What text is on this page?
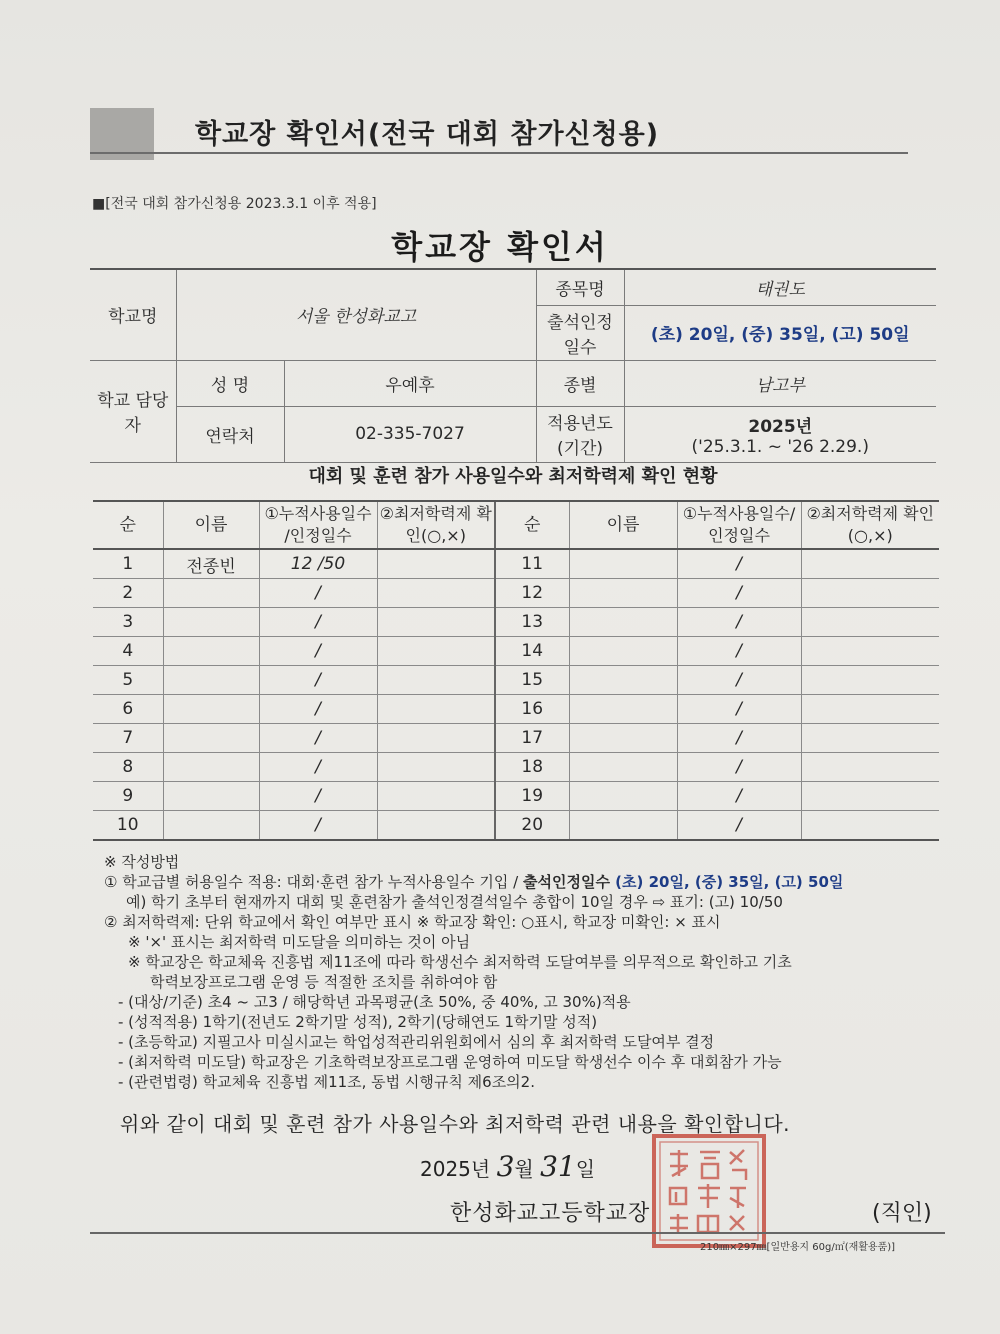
학교장 확인서(전국 대회 참가신청용)
■[전국 대회 참가신청용 2023.3.1 이후 적용]
학교장 확인서
학교명	서울 한성화교고		종목명	태권도
			출석인정 일수	(초) 20일, (중) 35일, (고) 50일
학교 담당자	성 명	우예후	종별	남고부
	연락처	02-335-7027	적용년도 (기간)	2025년
('25.3.1. ~ '26 2.29.)
대회 및 훈련 참가 사용일수와 최저학력제 확인 현황
순	이름	①누적사용일수 /인정일수	②최저학력제 확인(○,×)	순	이름	①누적사용일수/ 인정일수	②최저학력제 확인(○,×)
1	전종빈	12 /50		11		/	
2		/		12		/	
3		/		13		/	
4		/		14		/	
5		/		15		/	
6		/		16		/	
7		/		17		/	
8		/		18		/	
9		/		19		/	
10		/		20		/	
※ 작성방법
① 학교급별 허용일수 적용: 대회·훈련 참가 누적사용일수 기입 / 출석인정일수 (초) 20일, (중) 35일, (고) 50일
예) 학기 초부터 현재까지 대회 및 훈련참가 출석인정결석일수 총합이 10일 경우 ⇨ 표기: (고) 10/50
② 최저학력제: 단위 학교에서 확인 여부만 표시 ※ 학교장 확인: ○표시, 학교장 미확인: × 표시
※ '×' 표시는 최저학력 미도달을 의미하는 것이 아님
※ 학교장은 학교체육 진흥법 제11조에 따라 학생선수 최저학력 도달여부를 의무적으로 확인하고 기초
학력보장프로그램 운영 등 적절한 조치를 취하여야 함
- (대상/기준) 초4 ~ 고3 / 해당학년 과목평균(초 50%, 중 40%, 고 30%)적용
- (성적적용) 1학기(전년도 2학기말 성적), 2학기(당해연도 1학기말 성적)
- (초등학교) 지필고사 미실시교는 학업성적관리위원회에서 심의 후 최저학력 도달여부 결정
- (최저학력 미도달) 학교장은 기초학력보장프로그램 운영하여 미도달 학생선수 이수 후 대회참가 가능
- (관련법령) 학교체육 진흥법 제11조, 동법 시행규칙 제6조의2.
위와 같이 대회 및 훈련 참가 사용일수와 최저학력 관련 내용을 확인합니다.
2025년 3월 31일
한성화교고등학교장	(직인)
210㎜×297㎜[일반용지 60g/㎡(재활용품)]
